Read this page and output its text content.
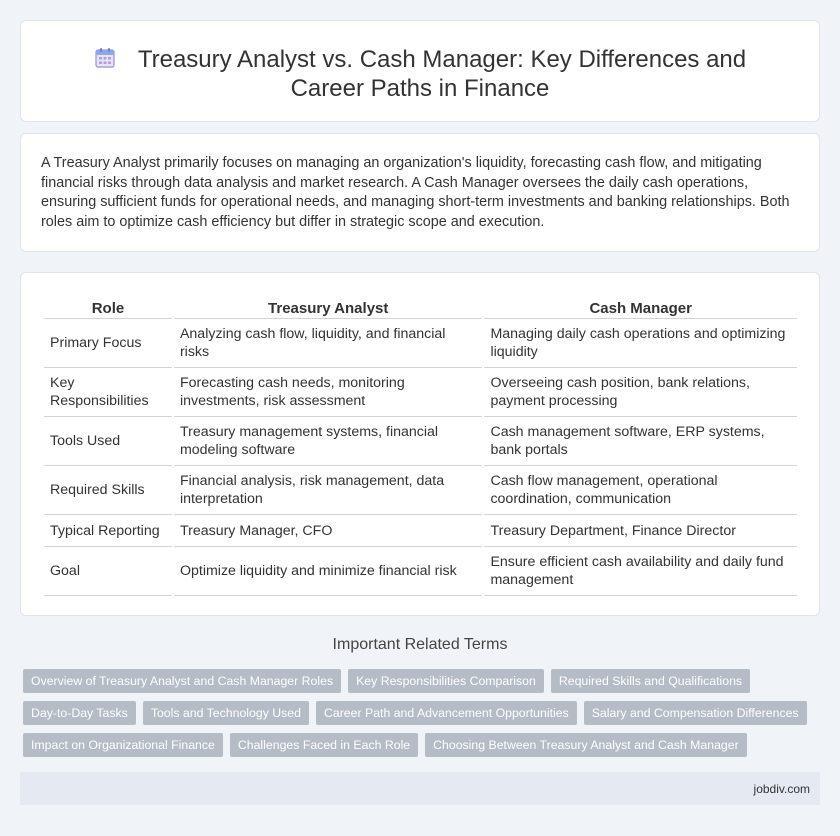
Treasury Analyst vs. Cash Manager: Key Differences and Career Paths in Finance

A Treasury Analyst primarily focuses on managing an organization's liquidity, forecasting cash flow, and mitigating financial risks through data analysis and market research. A Cash Manager oversees the daily cash operations, ensuring sufficient funds for operational needs, and managing short-term investments and banking relationships. Both roles aim to optimize cash efficiency but differ in strategic scope and execution.

Role	Treasury Analyst	Cash Manager
Primary Focus	Analyzing cash flow, liquidity, and financial risks	Managing daily cash operations and optimizing liquidity
Key Responsibilities	Forecasting cash needs, monitoring investments, risk assessment	Overseeing cash position, bank relations, payment processing
Tools Used	Treasury management systems, financial modeling software	Cash management software, ERP systems, bank portals
Required Skills	Financial analysis, risk management, data interpretation	Cash flow management, operational coordination, communication
Typical Reporting	Treasury Manager, CFO	Treasury Department, Finance Director
Goal	Optimize liquidity and minimize financial risk	Ensure efficient cash availability and daily fund management
Important Related Terms
Overview of Treasury Analyst and Cash Manager Roles Key Responsibilities Comparison Required Skills and Qualifications
Day-to-Day Tasks Tools and Technology Used Career Path and Advancement Opportunities Salary and Compensation Differences
Impact on Organizational Finance Challenges Faced in Each Role Choosing Between Treasury Analyst and Cash Manager
jobdiv.com
